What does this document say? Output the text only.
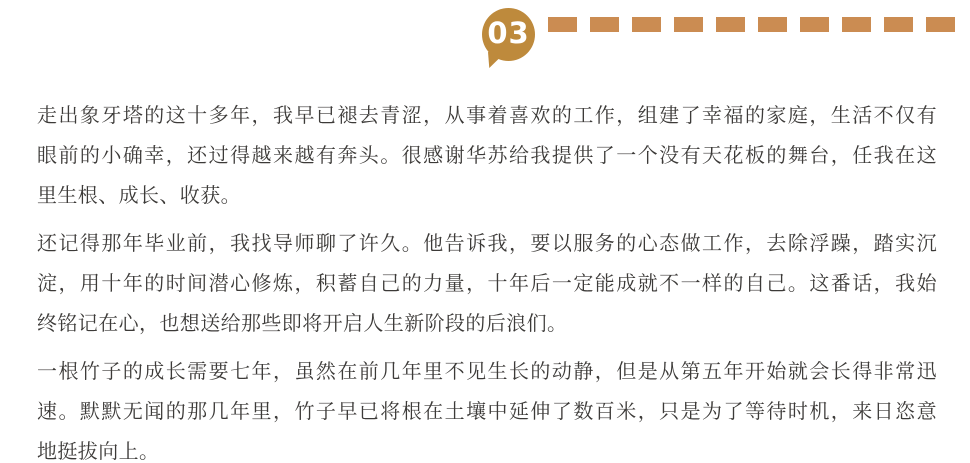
03
走出象牙塔的这十多年，我早已褪去青涩，从事着喜欢的工作，组建了幸福的家庭，生活不仅有
眼前的小确幸，还过得越来越有奔头。很感谢华苏给我提供了一个没有天花板的舞台，任我在这
里生根、成长、收获。
还记得那年毕业前，我找导师聊了许久。他告诉我，要以服务的心态做工作，去除浮躁，踏实沉
淀，用十年的时间潜心修炼，积蓄自己的力量，十年后一定能成就不一样的自己。这番话，我始
终铭记在心，也想送给那些即将开启人生新阶段的后浪们。
一根竹子的成长需要七年，虽然在前几年里不见生长的动静，但是从第五年开始就会长得非常迅
速。默默无闻的那几年里，竹子早已将根在土壤中延伸了数百米，只是为了等待时机，来日恣意
地挺拔向上。
